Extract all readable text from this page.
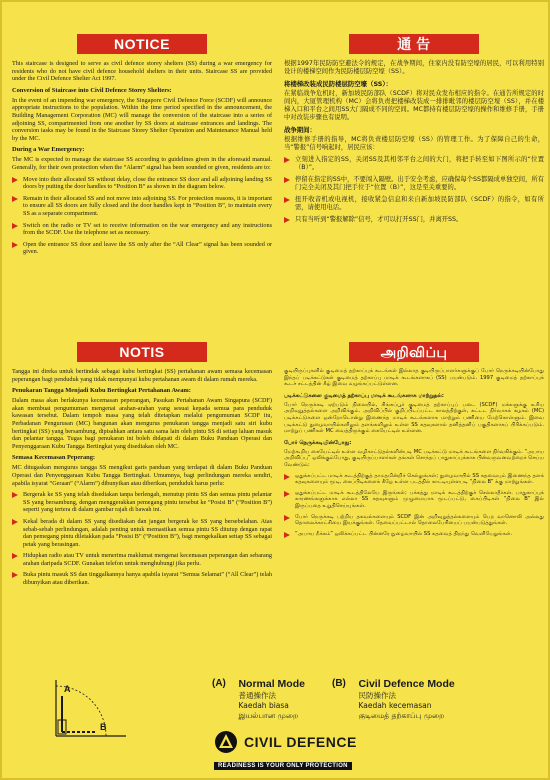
NOTICE

This staircase is designed to serve as civil defence storey shelters (SS) during a war emergency for residents who do not have civil defence household shelters in their units. Staircase SS are provided under the Civil Defence Shelter Act 1997.

Conversion of Staircase into Civil Defence Storey Shelters:

In the event of an impending war emergency, the Singapore Civil Defence Force (SCDF) will announce appropriate instructions to the population. Within the time period specified in the announcement, the Building Management Corporation (MC) will manage the conversion of the staircase into a series of adjoining SS, compartmented from one another by SS doors at staircase entrances and landings. The conversion tasks may be found in the Staircase Storey Shelter Operation and Maintenance Manual held by the MC.

During a War Emergency:

The MC is expected to manage the staircase SS according to guidelines given in the aforesaid manual. Generally, for their own protection when the “Alarm” signal has been sounded or given, residents are to:

Move into their allocated SS without delay, close the entrance SS door and all adjoining landing SS doors by putting the door handles to “Position B” as shown in the diagram below.
Remain in their allocated SS and not move into adjoining SS. For protection reasons, it is important to ensure all SS doors are fully closed and the door handles kept in “Position B”, to maintain every SS as a separate compartment.
Switch on the radio or TV set to receive information on the war emergency and any instructions from the SCDF. Use the telephone set as necessary.
Open the entrance SS door and leave the SS only after the “All Clear” signal has been sounded or given.
通 告

根据1997年民防防空避法令的规定，在战争期间，住家内没有防空壕的居民，可以利用特别设计的楼梯空间作为民防楼层防空壕（SS）。

将楼梯改装成民防楼层防空壕（SS）：

在紧临战争危机时，新加坡民防部队（SCDF）将对民众发布相应的指令。在通告所规定的时间内，大厦管理机构（MC）会将负责把楼梯改装成一排排毗邻的楼层防空壕（SS），并在楼梯入口和平台之间用SS大门隔成不同的空间。MC都持有楼层防空壕的操作和维修手册，手册中对改装步骤也有说明。

战争期间：

根据维修手册的指导，MC将负责楼层防空壕（SS）的管理工作。为了保障自己的生命，当“警报”信号响起时，居民应该：

立刻进入指定的SS，关闭SS及其相邻平台之间的大门，将把手转至如下图所示的“位置（B）”。
停留在指定的SS中，不要闯入隔壁。出于安全考虑，应确保每个SS都隔成单独空间，所有门完全关闭及其门把手位于“位置（B）”，这是至关重要的。
扭开收音机或电视机，接收紧急信息和来自新加坡民防部队（SCDF）的指令，如有所需，请使用电话。
只有当听到“警报解除”信号，才可以打开SS门，并离开SS。
NOTIS

Tangga ini direka untuk bertindak sebagai kubu bertingkat (SS) pertahanan awam semasa kecemasan peperangan bagi penduduk yang tidak mempunyai kubu pertahanan awam di dalam rumah mereka.

Penukaran Tangga Menjadi Kubu Bertingkat Pertahanan Awam:

Dalam masa akan berlakunya kecemasan peperangan, Pasukan Pertahanan Awam Singapura (SCDF) akan membuat pengumuman mengenai arahan-arahan yang sesuai kepada semua para penduduk kawasan tersebut. Dalam tempoh masa yang telah ditetapkan melalui pengumuman SCDF itu, Perbadanan Pengurusan (MC) bangunan akan mengurus penukaran tangga menjadi satu siri kubu bertingkat (SS) yang bersambung, dipisahkan antara satu sama lain oleh pintu SS di setiap laluan masuk dan pelantar tangga. Tugas bagi penukaran ini boleh didapati di dalam Buku Panduan Operasi dan Penyenggaraan Kubu Tangga Bertingkat yang disediakan oleh MC.

Semasa Kecemasan Peperang:

MC ditugaskan mengurus tangga SS mengikut garis panduan yang terdapat di dalam Buku Panduan Operasi dan Penyenggaraan Kubu Tangga Bertingkat. Umumnya, bagi perlindungan mereka sendiri, apabila isyarat “Geraan” (“Alarm”) dibunyikan atau diberikan, penduduk harus perlu:

Bergerak ke SS yang telah disediakan tanpa berlengah, menutup pintu SS dan semua pintu pelantar SS yang bersambung, dengan menggerakkan pemegang pintu tersebut ke “Posisi B” (“Position B”) seperti yang tertera di dalam gambar rajah di bawah ini.
Kekal berada di dalam SS yang disediakan dan jangan bergerak ke SS yang bersebelahan. Atas sebab-sebab perlindungan, adalah penting untuk memastikan semua pintu SS ditutup dengan rapat dan pemegang pintu diletakkan pada “Posisi B” (“Position B”), bagi mengekalkan setiap SS sebagai petak yang berasingan.
Hidupkan radio atau TV untuk menerima maklumat mengenai kecemasan peperangan dan sebarang arahan daripada SCDF. Gunakan telefon untuk menghubungi jika perlu.
Buka pintu masuk SS dan tinggalkannya hanya apabila isyarat “Semua Selamat” (“All Clear”) telah dibunyikan atau diberikan.
அறிவிப்பு

குடியிருப்புகளில் குடிமைத் தற்காப்புக் கூடங்கள் இல்லாத குடியிருப்பாளர்களுக்குப் போர் நெருக்கடியின்போது இந்தப் படிக்கட்டுகள் குடிமைத் தற்காப்பு மாடிக் கூடங்களாகப் (SS) பயன்படும். 1997 குடிமைத் தற்காப்புக் கூடச் சட்டத்தின் கீழ் இவை வழங்கப்பட்டுள்ளன.

படிக்கட்டுகளை குடிமைத் தற்காப்பு மாடிக் கூடங்களாக மாற்றுதல்:

போர் நெருக்கடி ஏற்படும் நிலையில், சிங்கப்பூர் குடிமைத் தற்காப்புப் படை (SCDF) மக்களுக்கு உரிய அறிவுறுத்தல்களை அறிவிக்கும். அறிவிப்பில் குறிப்பிடப்பட்ட காலத்திற்குள், கட்டட நிர்வாகக் கழகம் (MC) படிக்கட்டுகளை ஒன்றோடொன்று இணைந்த மாடிக் கூடங்களாக மாற்றும் பணியை மேற்கொள்ளும். இவை படிக்கட்டு நுழைவாயில்களிலும் தளங்களிலும் உள்ள SS கதவுகளால் தனித்தனிப் பகுதிகளாகப் பிரிக்கப்படும். மாற்றுப் பணிகள் MC வைத்திருக்கும் கையேட்டில் உள்ளன.

போர் நெருக்கடியின்போது:

மேற்கூறிய கையேட்டில் உள்ள வழிகாட்டுதல்களின்படி MC படிக்கட்டு மாடிக் கூடங்களை நிர்வகிக்கும். “அபாய அறிவிப்பு” ஒலிக்கும்போது, குடியிருப்பாளர்கள் தங்கள் சொந்தப் பாதுகாப்புக்காக பின்வருவனவற்றைச் செய்ய வேண்டும்:

ஒதுக்கப்பட்ட மாடிக் கூடத்திற்குத் தாமதமின்றிச் செல்லுங்கள்; நுழைவாயில் SS கதவையும் இணைந்த தளக் கதவுகளையும் மூடி, கைப்பிடிகளைக் கீழே உள்ள படத்தில் காட்டியுள்ளபடி “நிலை B” க்கு மாற்றுங்கள்.
ஒதுக்கப்பட்ட மாடிக் கூடத்திலேயே இருங்கள்; பக்கத்து மாடிக் கூடத்திற்குச் செல்லாதீர்கள். பாதுகாப்புக் காரணங்களுக்காக எல்லா SS கதவுகளும் முழுமையாக மூடப்பட்டு, கைப்பிடிகள் “நிலை B” இல் இருப்பதை உறுதிசெய்யுங்கள்.
போர் நெருக்கடி பற்றிய தகவல்களையும் SCDF இன் அறிவுறுத்தல்களையும் பெற வானொலி அல்லது தொலைக்காட்சியை இயக்குங்கள். தேவைப்பட்டால் தொலைபேசியைப் பயன்படுத்துங்கள்.
“அபாய நீக்கம்” ஒலிக்கப்பட்ட பின்னரே நுழைவாயில் SS கதவைத் திறந்து வெளியேறுங்கள்.
A
B
(A) Normal Mode
普通操作法
Kaedah biasa
இயல்பான முறை
(B) Civil Defence Mode
民防操作法
Kaedah kecemasan
குடிமைத் தற்காப்பு முறை
CIVIL DEFENCE
READINESS IS YOUR ONLY PROTECTION
